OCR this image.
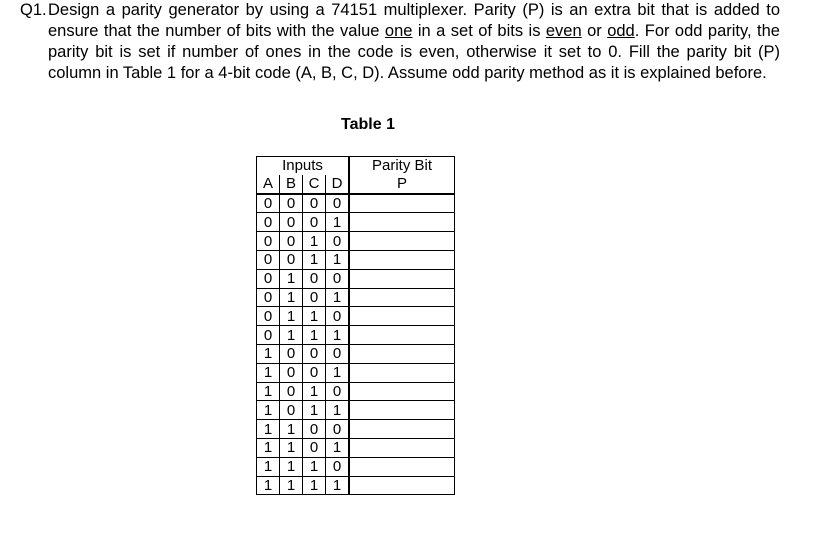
Q1. Design a parity generator by using a 74151 multiplexer. Parity (P) is an extra bit that is added to ensure that the number of bits with the value one in a set of bits is even or odd. For odd parity, the parity bit is set if number of ones in the code is even, otherwise it set to 0. Fill the parity bit (P) column in Table 1 for a 4-bit code (A, B, C, D). Assume odd parity method as it is explained before.
Table 1
Inputs				Parity Bit
A	B	C	D	P
0	0	0	0	
0	0	0	1	
0	0	1	0	
0	0	1	1	
0	1	0	0	
0	1	0	1	
0	1	1	0	
0	1	1	1	
1	0	0	0	
1	0	0	1	
1	0	1	0	
1	0	1	1	
1	1	0	0	
1	1	0	1	
1	1	1	0	
1	1	1	1	
